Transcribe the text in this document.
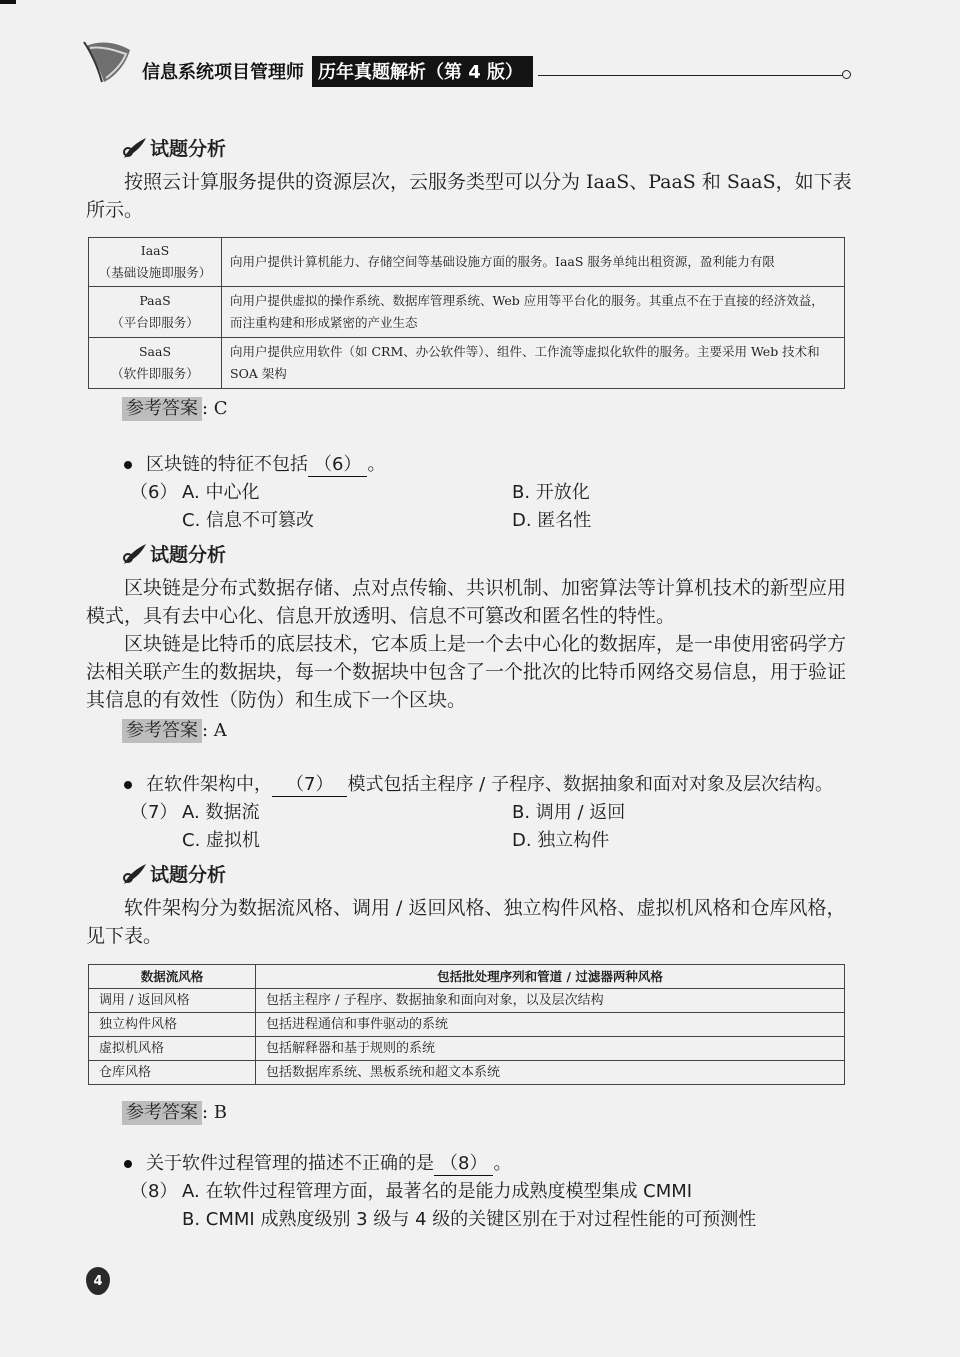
信息系统项目管理师 历年真题解析（第 4 版）
试题分析
按照云计算服务提供的资源层次，云服务类型可以分为 IaaS、PaaS 和 SaaS，如下表所示。
IaaS
（基础设施即服务）	向用户提供计算机能力、存储空间等基础设施方面的服务。IaaS 服务单纯出租资源，盈利能力有限

PaaS
（平台即服务）	向用户提供虚拟的操作系统、数据库管理系统、Web 应用等平台化的服务。其重点不在于直接的经济效益，而注重构建和形成紧密的产业生态

SaaS
（软件即服务）	向用户提供应用软件（如 CRM、办公软件等）、组件、工作流等虚拟化软件的服务。主要采用 Web 技术和 SOA 架构
参考答案 : C
区块链的特征不包括 （6） 。
（6） A. 中心化	B. 开放化
C. 信息不可篡改	D. 匿名性
试题分析
区块链是分布式数据存储、点对点传输、共识机制、加密算法等计算机技术的新型应用模式，具有去中心化、信息开放透明、信息不可篡改和匿名性的特性。
区块链是比特币的底层技术，它本质上是一个去中心化的数据库，是一串使用密码学方法相关联产生的数据块，每一个数据块中包含了一个批次的比特币网络交易信息，用于验证其信息的有效性（防伪）和生成下一个区块。
参考答案 : A
在软件架构中， （7） 模式包括主程序 / 子程序、数据抽象和面对对象及层次结构。
（7） A. 数据流	B. 调用 / 返回
C. 虚拟机	D. 独立构件
试题分析
软件架构分为数据流风格、调用 / 返回风格、独立构件风格、虚拟机风格和仓库风格，见下表。
数据流风格	包括批处理序列和管道 / 过滤器两种风格
调用 / 返回风格	包括主程序 / 子程序、数据抽象和面向对象，以及层次结构
独立构件风格	包括进程通信和事件驱动的系统
虚拟机风格	包括解释器和基于规则的系统
仓库风格	包括数据库系统、黑板系统和超文本系统
参考答案 : B
关于软件过程管理的描述不正确的是 （8） 。
（8） A. 在软件过程管理方面，最著名的是能力成熟度模型集成 CMMI
B. CMMI 成熟度级别 3 级与 4 级的关键区别在于对过程性能的可预测性
4
